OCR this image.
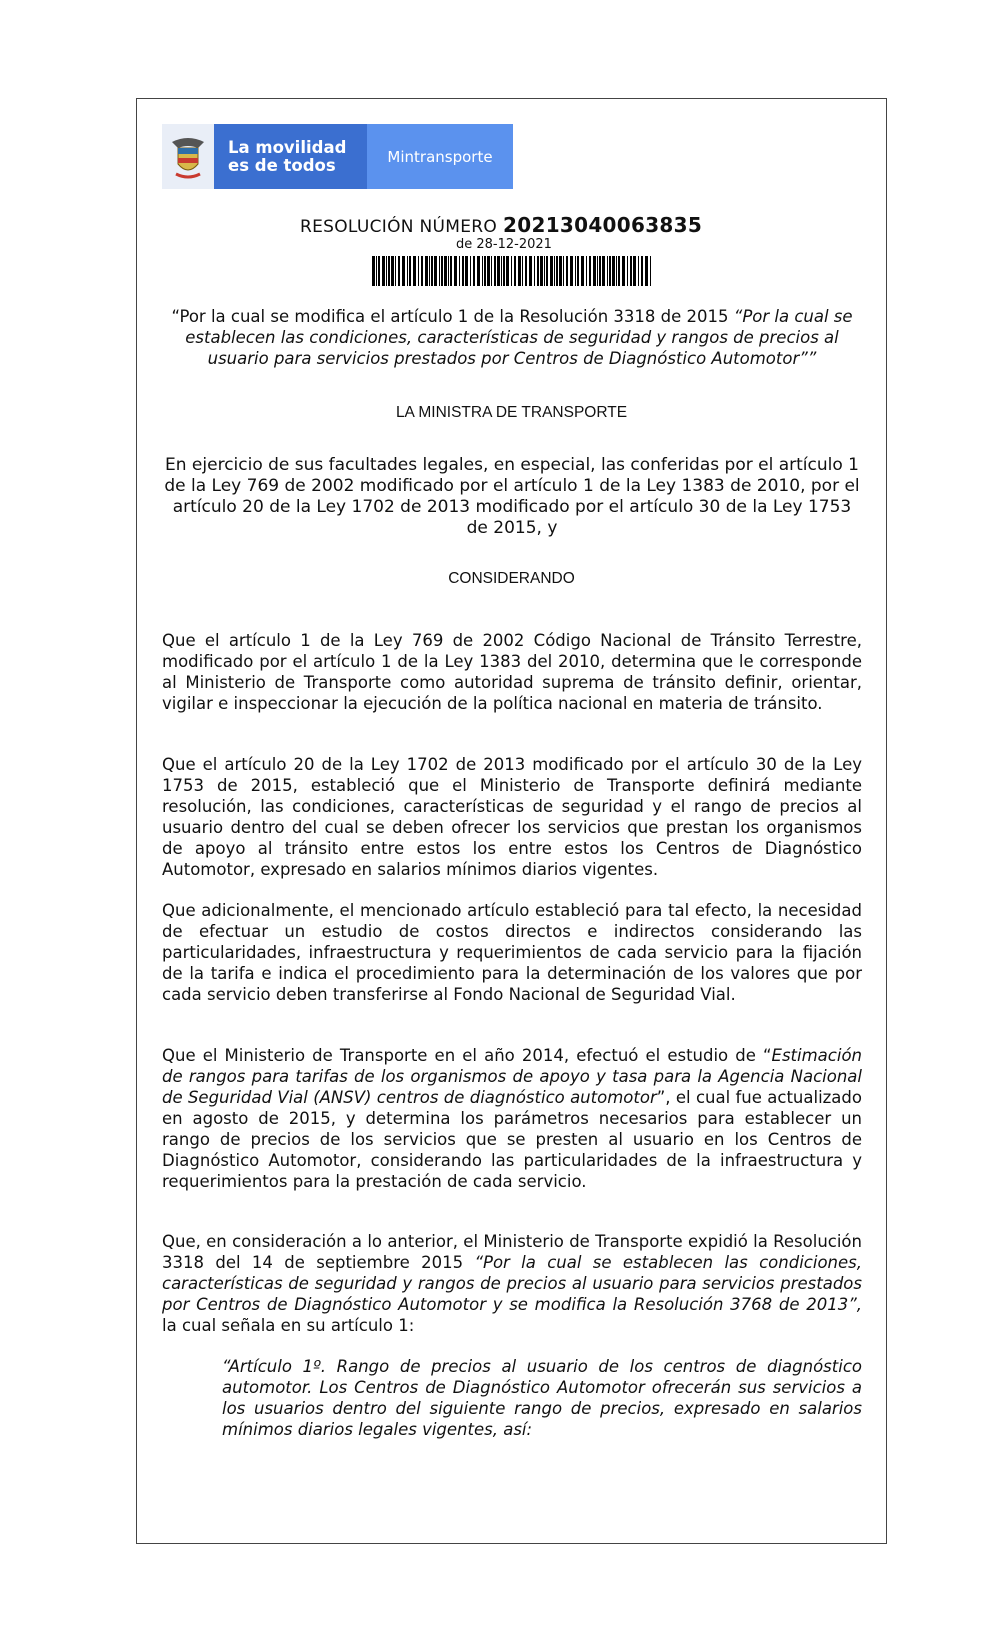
La movilidad
es de todos	Mintransporte
RESOLUCIÓN NÚMERO 20213040063835
de 28-12-2021
“Por la cual se modifica el artículo 1 de la Resolución 3318 de 2015 “Por la cual se establecen las condiciones, características de seguridad y rangos de precios al usuario para servicios prestados por Centros de Diagnóstico Automotor””
LA MINISTRA DE TRANSPORTE
En ejercicio de sus facultades legales, en especial, las conferidas por el artículo 1 de la Ley 769 de 2002 modificado por el artículo 1 de la Ley 1383 de 2010, por el artículo 20 de la Ley 1702 de 2013 modificado por el artículo 30 de la Ley 1753 de 2015, y
CONSIDERANDO
Que el artículo 1 de la Ley 769 de 2002 Código Nacional de Tránsito Terrestre, modificado por el artículo 1 de la Ley 1383 del 2010, determina que le corresponde al Ministerio de Transporte como autoridad suprema de tránsito definir, orientar, vigilar e inspeccionar la ejecución de la política nacional en materia de tránsito.
Que el artículo 20 de la Ley 1702 de 2013 modificado por el artículo 30 de la Ley 1753 de 2015, estableció que el Ministerio de Transporte definirá mediante resolución, las condiciones, características de seguridad y el rango de precios al usuario dentro del cual se deben ofrecer los servicios que prestan los organismos de apoyo al tránsito entre estos los entre estos los Centros de Diagnóstico Automotor, expresado en salarios mínimos diarios vigentes.
Que adicionalmente, el mencionado artículo estableció para tal efecto, la necesidad de efectuar un estudio de costos directos e indirectos considerando las particularidades, infraestructura y requerimientos de cada servicio para la fijación de la tarifa e indica el procedimiento para la determinación de los valores que por cada servicio deben transferirse al Fondo Nacional de Seguridad Vial.
Que el Ministerio de Transporte en el año 2014, efectuó el estudio de “Estimación de rangos para tarifas de los organismos de apoyo y tasa para la Agencia Nacional de Seguridad Vial (ANSV) centros de diagnóstico automotor”, el cual fue actualizado en agosto de 2015, y determina los parámetros necesarios para establecer un rango de precios de los servicios que se presten al usuario en los Centros de Diagnóstico Automotor, considerando las particularidades de la infraestructura y requerimientos para la prestación de cada servicio.
Que, en consideración a lo anterior, el Ministerio de Transporte expidió la Resolución 3318 del 14 de septiembre 2015 “Por la cual se establecen las condiciones, características de seguridad y rangos de precios al usuario para servicios prestados por Centros de Diagnóstico Automotor y se modifica la Resolución 3768 de 2013”, la cual señala en su artículo 1:
“Artículo 1º. Rango de precios al usuario de los centros de diagnóstico automotor. Los Centros de Diagnóstico Automotor ofrecerán sus servicios a los usuarios dentro del siguiente rango de precios, expresado en salarios mínimos diarios legales vigentes, así:
